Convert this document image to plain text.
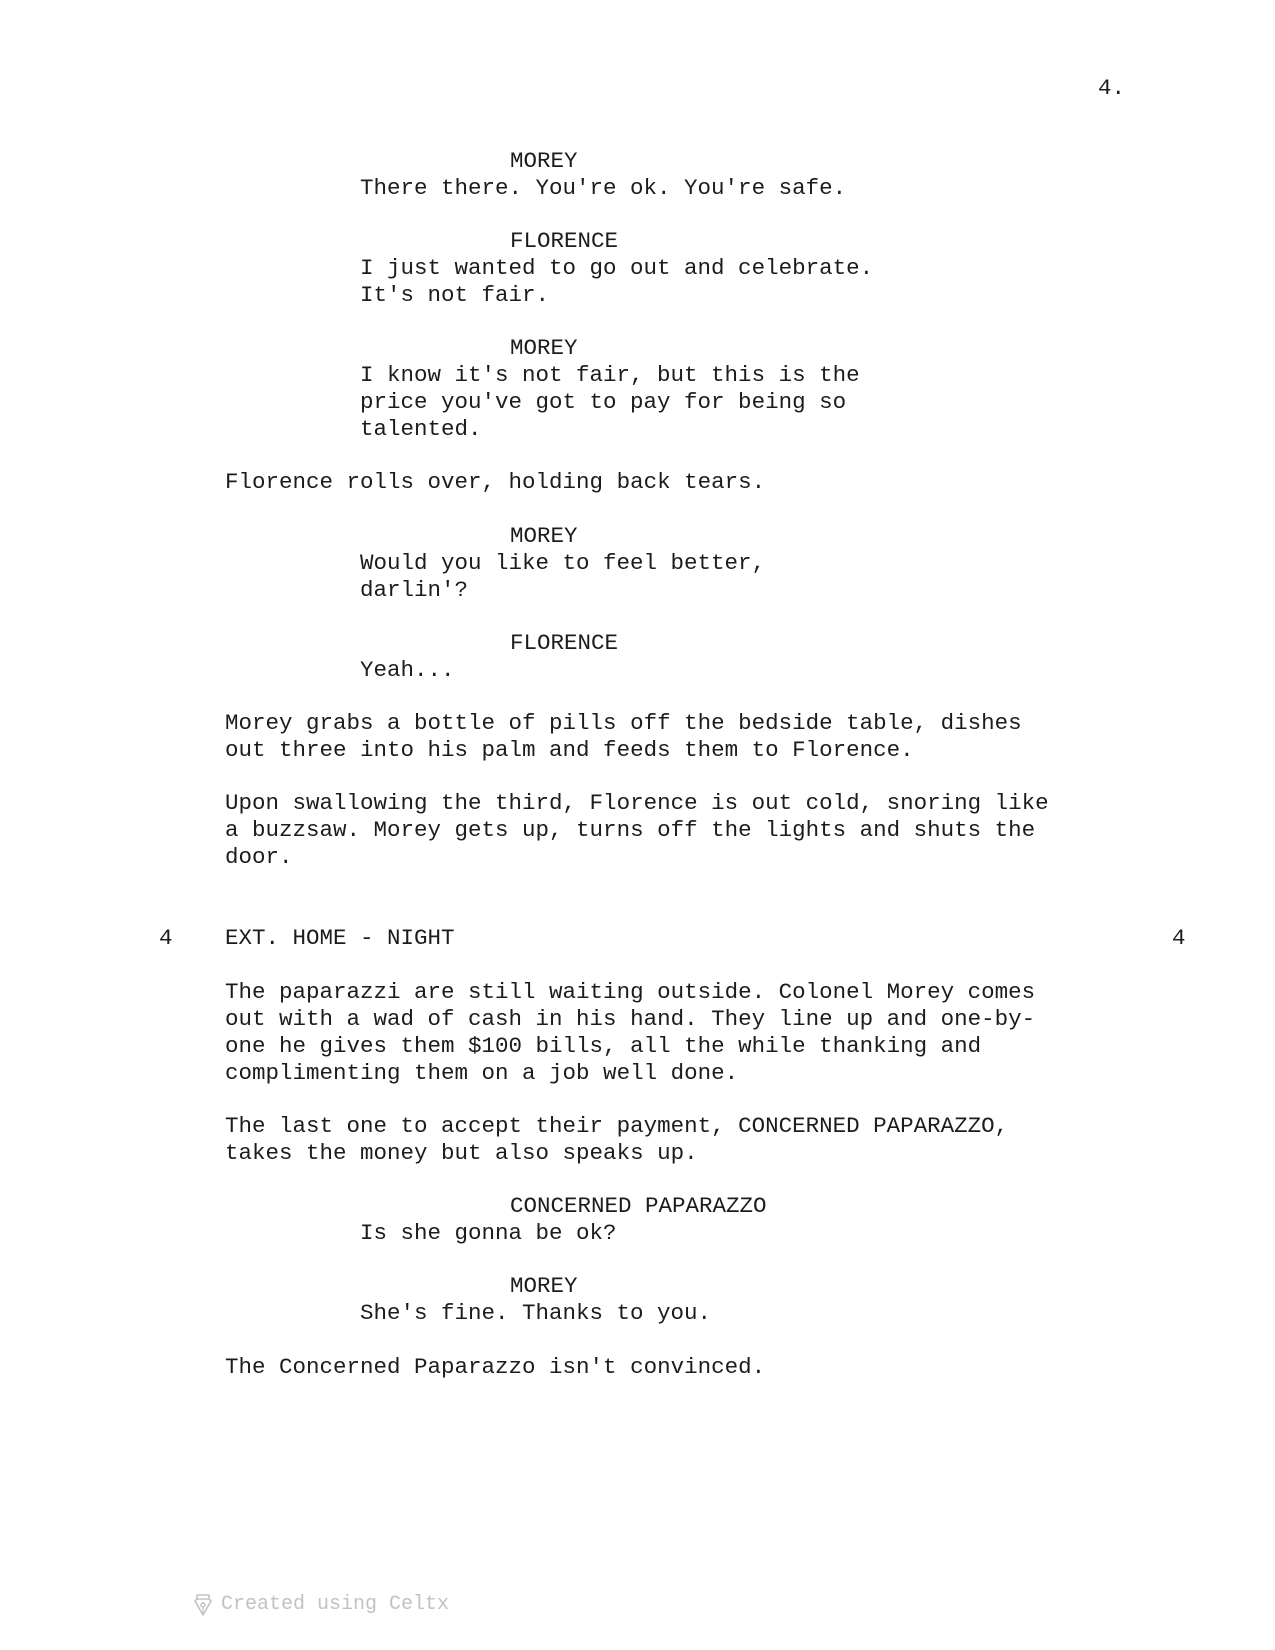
4.
MOREY
There there. You're ok. You're safe.
FLORENCE
I just wanted to go out and celebrate.
It's not fair.
MOREY
I know it's not fair, but this is the
price you've got to pay for being so
talented.
Florence rolls over, holding back tears.
MOREY
Would you like to feel better,
darlin'?
FLORENCE
Yeah...
Morey grabs a bottle of pills off the bedside table, dishes
out three into his palm and feeds them to Florence.
Upon swallowing the third, Florence is out cold, snoring like
a buzzsaw. Morey gets up, turns off the lights and shuts the
door.
4 EXT. HOME - NIGHT	4
The paparazzi are still waiting outside. Colonel Morey comes
out with a wad of cash in his hand. They line up and one-by-
one he gives them $100 bills, all the while thanking and
complimenting them on a job well done.
The last one to accept their payment, CONCERNED PAPARAZZO,
takes the money but also speaks up.
CONCERNED PAPARAZZO
Is she gonna be ok?
MOREY
She's fine. Thanks to you.
The Concerned Paparazzo isn't convinced.
Created using Celtx
